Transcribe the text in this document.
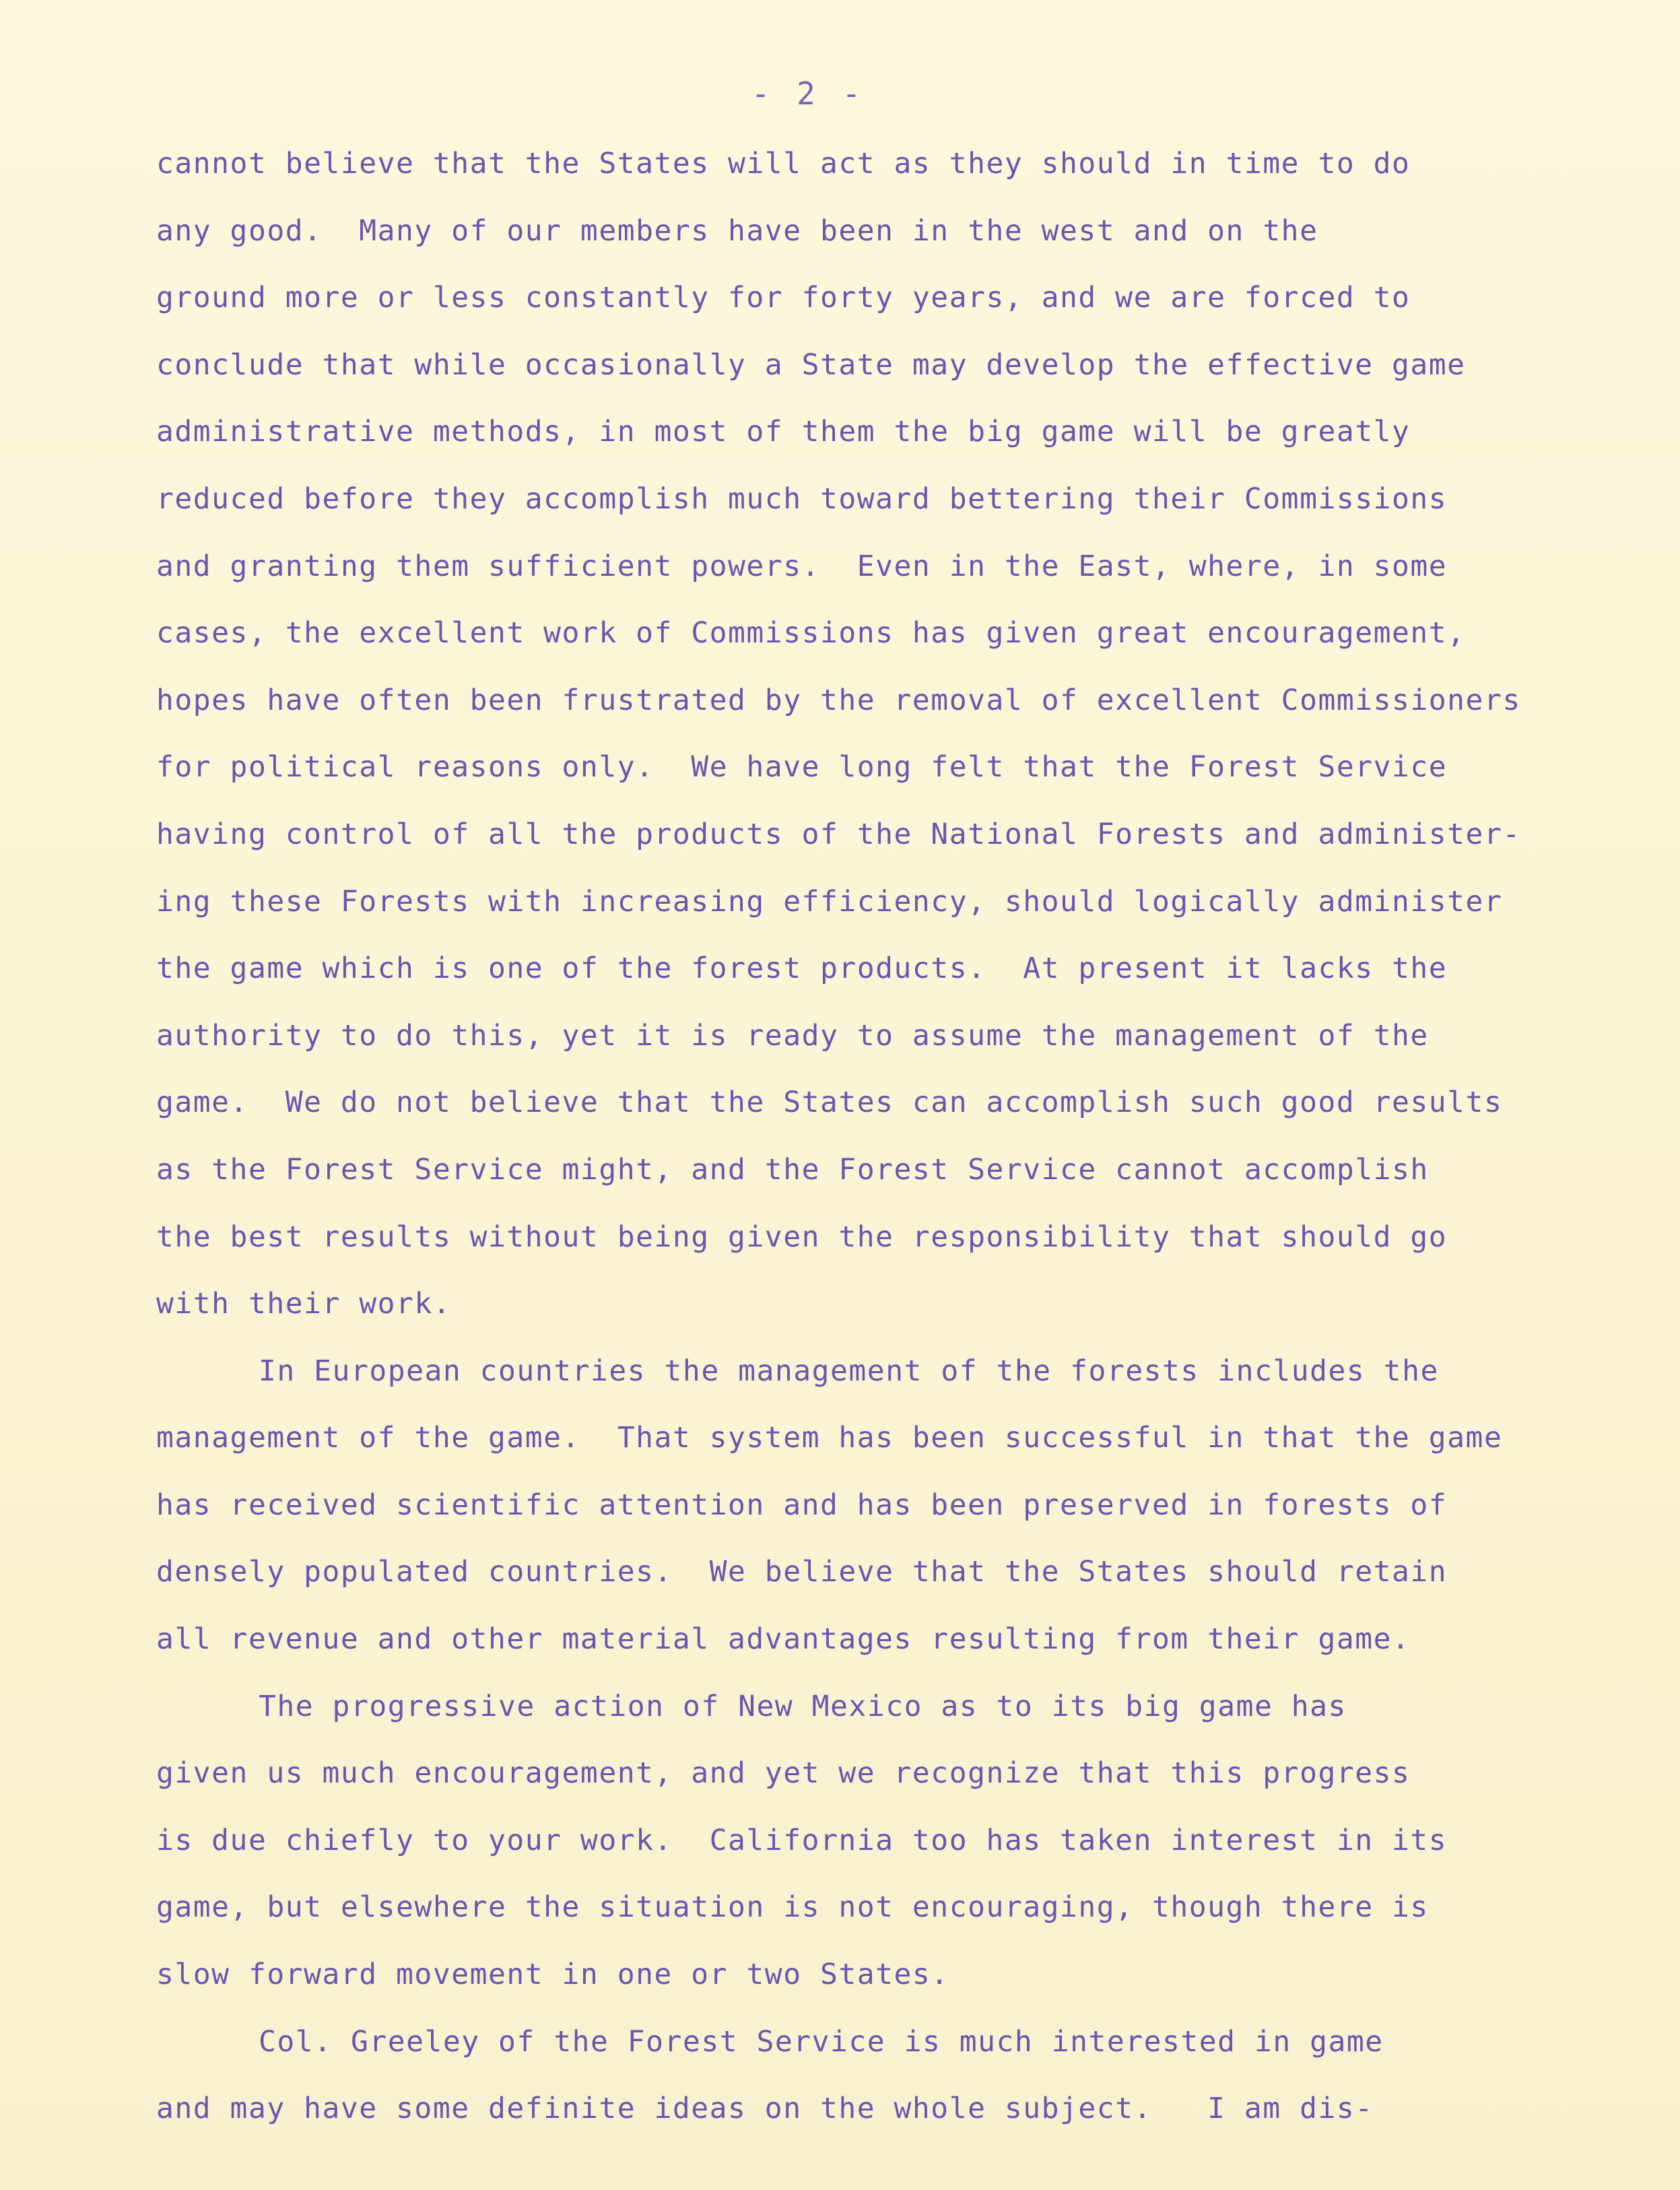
- 2 -
cannot believe that the States will act as they should in time to do
any good.  Many of our members have been in the west and on the
ground more or less constantly for forty years, and we are forced to
conclude that while occasionally a State may develop the effective game
administrative methods, in most of them the big game will be greatly
reduced before they accomplish much toward bettering their Commissions
and granting them sufficient powers.  Even in the East, where, in some
cases, the excellent work of Commissions has given great encouragement,
hopes have often been frustrated by the removal of excellent Commissioners
for political reasons only.  We have long felt that the Forest Service
having control of all the products of the National Forests and administer-
ing these Forests with increasing efficiency, should logically administer
the game which is one of the forest products.  At present it lacks the
authority to do this, yet it is ready to assume the management of the
game.  We do not believe that the States can accomplish such good results
as the Forest Service might, and the Forest Service cannot accomplish
the best results without being given the responsibility that should go
with their work.
In European countries the management of the forests includes the
management of the game.  That system has been successful in that the game
has received scientific attention and has been preserved in forests of
densely populated countries.  We believe that the States should retain
all revenue and other material advantages resulting from their game.
The progressive action of New Mexico as to its big game has
given us much encouragement, and yet we recognize that this progress
is due chiefly to your work.  California too has taken interest in its
game, but elsewhere the situation is not encouraging, though there is
slow forward movement in one or two States.
Col. Greeley of the Forest Service is much interested in game
and may have some definite ideas on the whole subject.   I am dis-
